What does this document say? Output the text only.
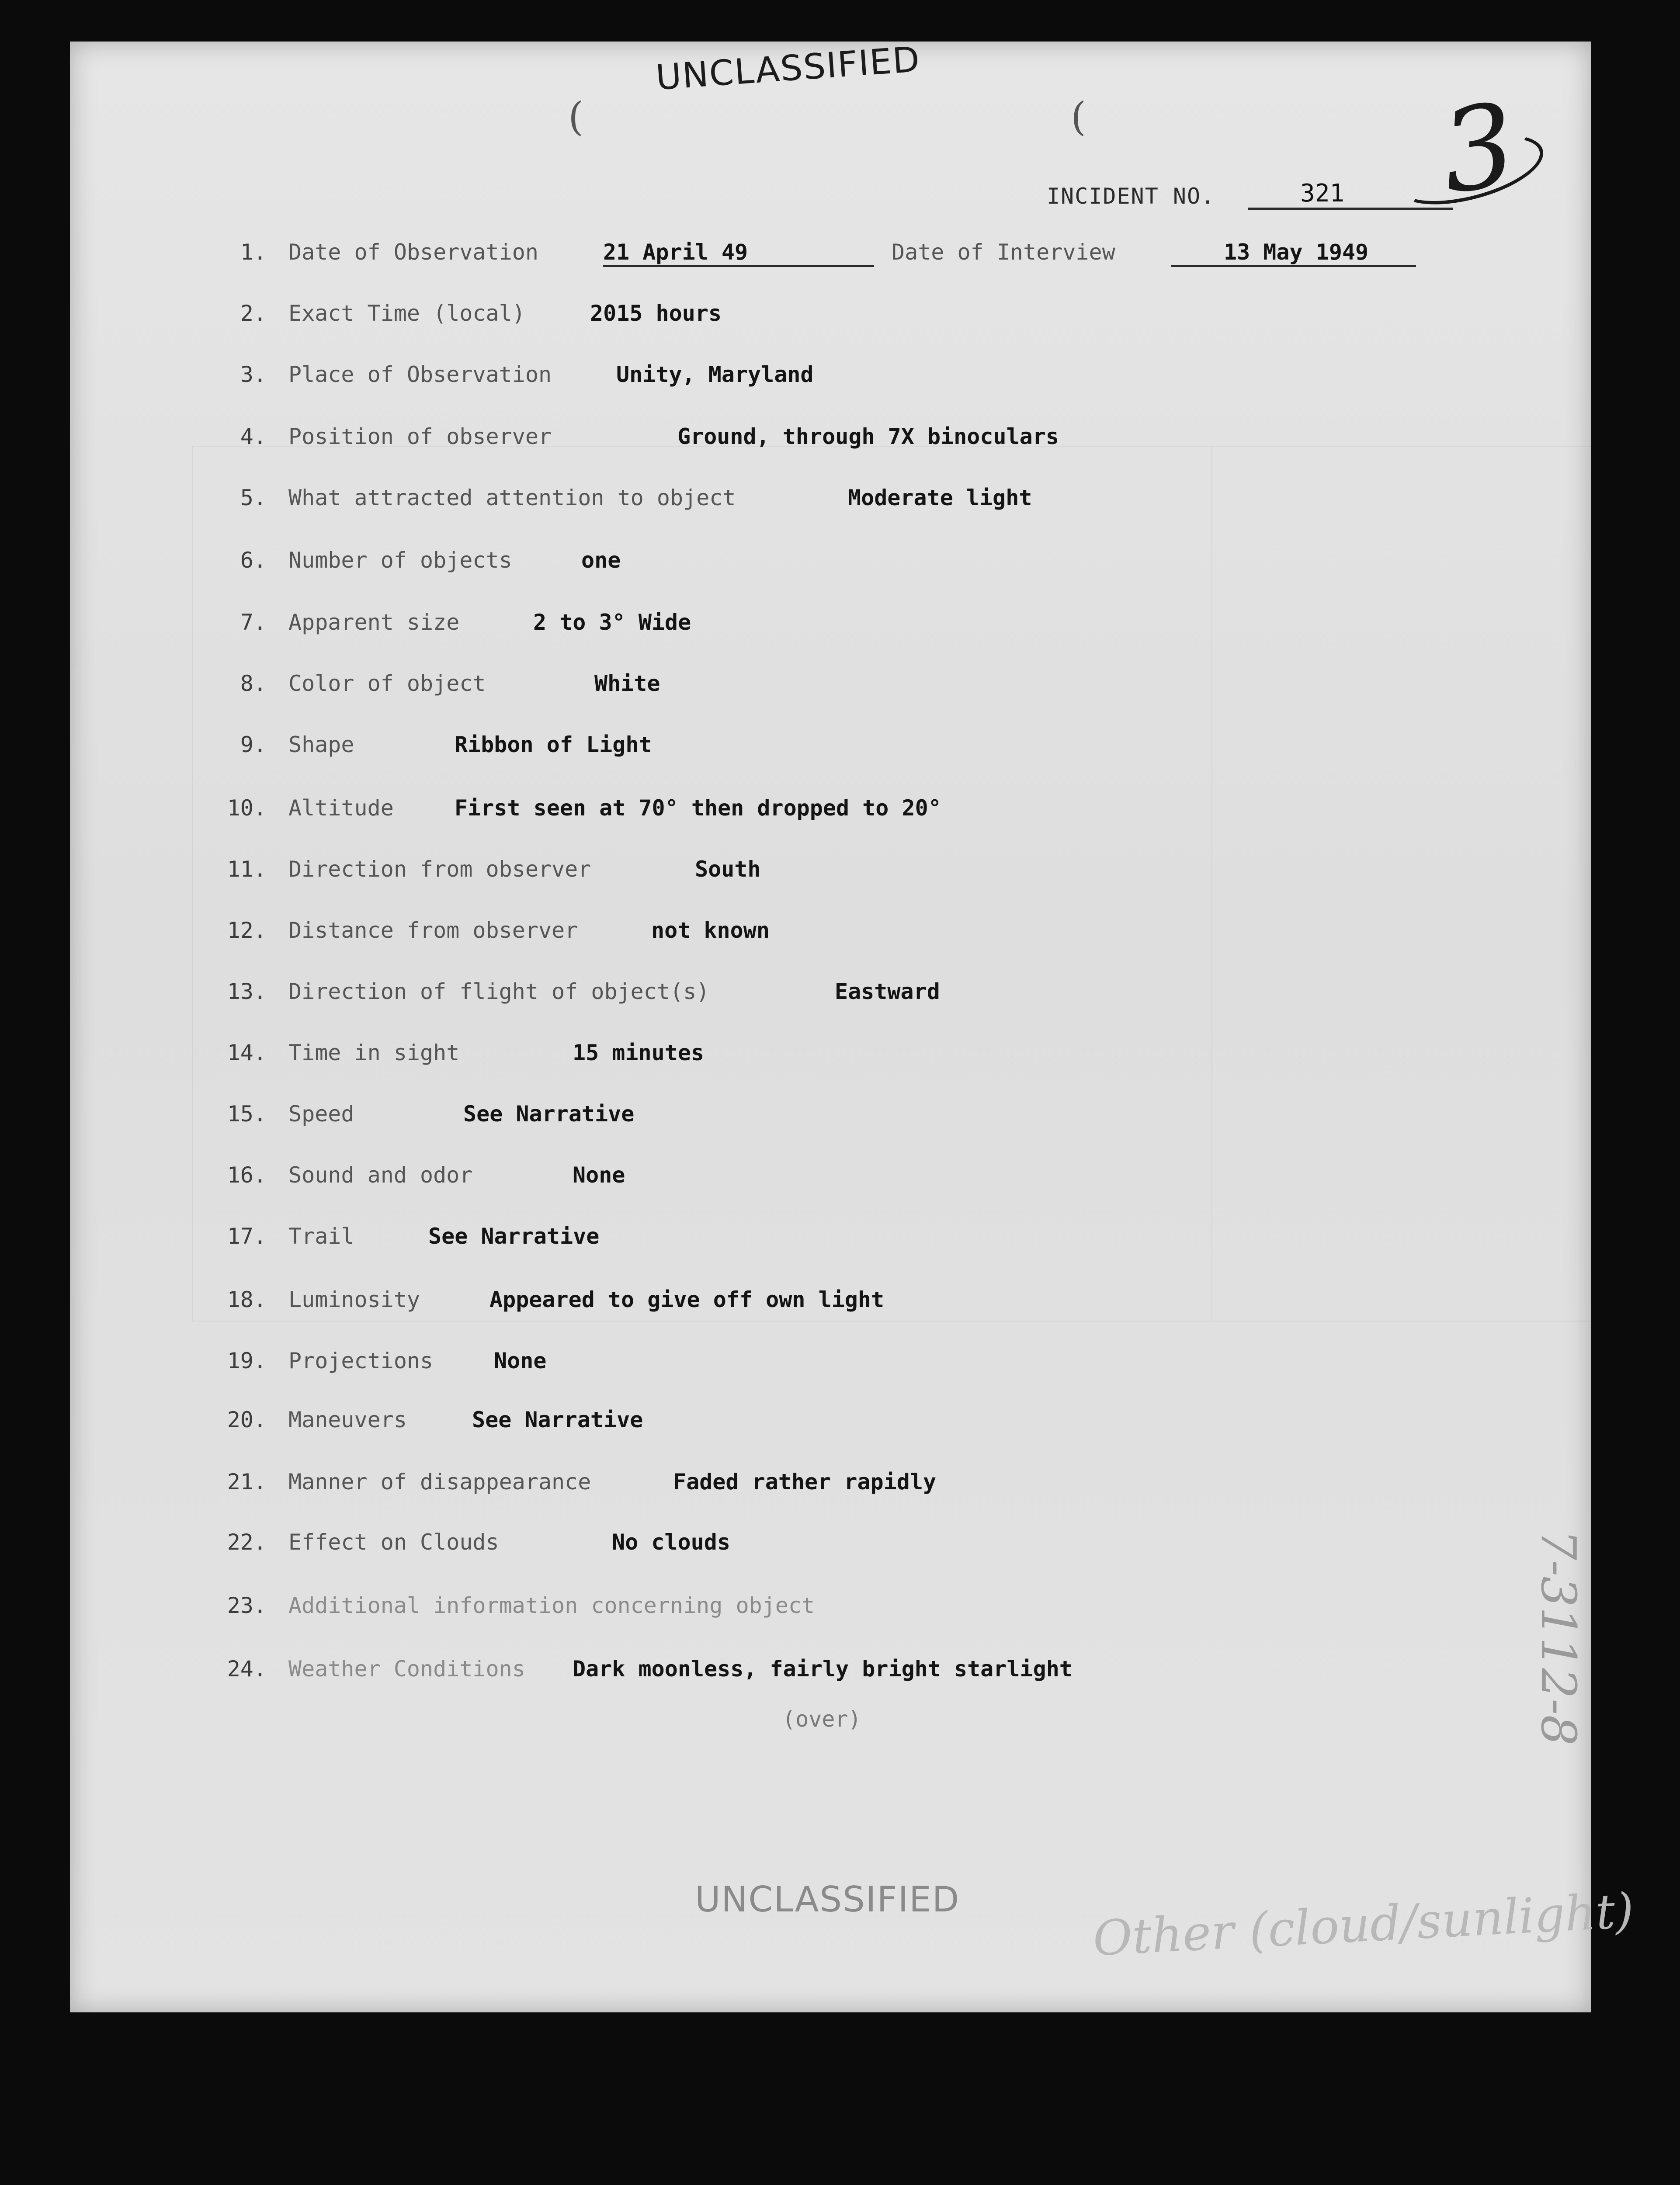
UNCLASSIFIED
(	(	3
INCIDENT NO.	321
1. Date of Observation	21 April 49	Date of Interview	13 May 1949
2. Exact Time (local)	2015 hours
3. Place of Observation	Unity, Maryland
4. Position of observer	Ground, through 7X binoculars
5. What attracted attention to object	Moderate light
6. Number of objects	one
7. Apparent size	2 to 3° Wide
8. Color of object	White
9. Shape	Ribbon of Light
10. Altitude	First seen at 70° then dropped to 20°
11. Direction from observer	South
12. Distance from observer	not known
13. Direction of flight of object(s)	Eastward
14. Time in sight	15 minutes
15. Speed	See Narrative
16. Sound and odor	None
17. Trail	See Narrative
18. Luminosity	Appeared to give off own light
19. Projections	None
20. Maneuvers	See Narrative
21. Manner of disappearance	Faded rather rapidly
22. Effect on Clouds	No clouds
23. Additional information concerning object
24. Weather Conditions Dark moonless, fairly bright starlight
(over)
UNCLASSIFIED
7-3112-8
Other (cloud/sunlight)
